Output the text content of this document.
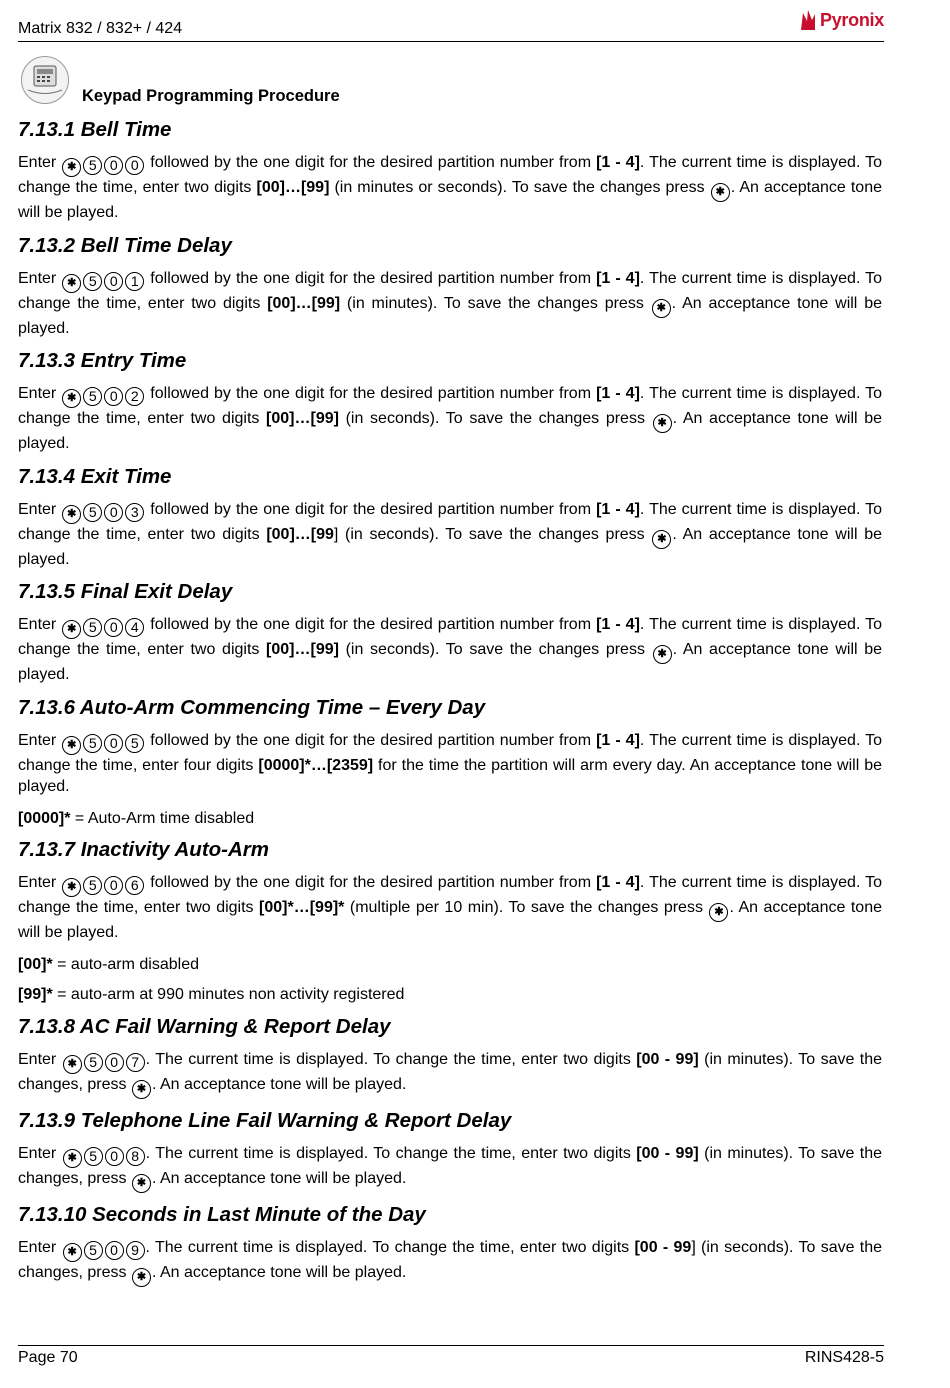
Matrix 832 / 832+ / 424	Pyronix
Keypad Programming Procedure
7.13.1 Bell Time

Enter ✱ 5 0 0 followed by the one digit for the desired partition number from [1 - 4]. The current time is displayed. To change the time, enter two digits [00]…[99] (in minutes or seconds). To save the changes press ✱ . An acceptance tone will be played.

7.13.2 Bell Time Delay

Enter ✱ 5 0 1 followed by the one digit for the desired partition number from [1 - 4]. The current time is displayed. To change the time, enter two digits [00]…[99] (in minutes). To save the changes press ✱ . An acceptance tone will be played.

7.13.3 Entry Time

Enter ✱ 5 0 2 followed by the one digit for the desired partition number from [1 - 4]. The current time is displayed. To change the time, enter two digits [00]…[99] (in seconds). To save the changes press ✱ . An acceptance tone will be played.

7.13.4 Exit Time

Enter ✱ 5 0 3 followed by the one digit for the desired partition number from [1 - 4]. The current time is displayed. To change the time, enter two digits [00]…[99] (in seconds). To save the changes press ✱ . An acceptance tone will be played.

7.13.5 Final Exit Delay

Enter ✱ 5 0 4 followed by the one digit for the desired partition number from [1 - 4]. The current time is displayed. To change the time, enter two digits [00]…[99] (in seconds). To save the changes press ✱ . An acceptance tone will be played.

7.13.6 Auto-Arm Commencing Time – Every Day

Enter ✱ 5 0 5 followed by the one digit for the desired partition number from [1 - 4]. The current time is displayed. To change the time, enter four digits [0000]*…[2359] for the time the partition will arm every day. An acceptance tone will be played.

[0000]* = Auto-Arm time disabled

7.13.7 Inactivity Auto-Arm

Enter ✱ 5 0 6 followed by the one digit for the desired partition number from [1 - 4]. The current time is displayed. To change the time, enter two digits [00]*…[99]* (multiple per 10 min). To save the changes press ✱ . An acceptance tone will be played.

[00]* = auto-arm disabled

[99]* = auto-arm at 990 minutes non activity registered

7.13.8 AC Fail Warning & Report Delay

Enter ✱ 5 0 7 . The current time is displayed. To change the time, enter two digits [00 - 99] (in minutes). To save the changes, press ✱ . An acceptance tone will be played.

7.13.9 Telephone Line Fail Warning & Report Delay

Enter ✱ 5 0 8 . The current time is displayed. To change the time, enter two digits [00 - 99] (in minutes). To save the changes, press ✱ . An acceptance tone will be played.

7.13.10 Seconds in Last Minute of the Day

Enter ✱ 5 0 9 . The current time is displayed. To change the time, enter two digits [00 - 99] (in seconds). To save the changes, press ✱ . An acceptance tone will be played.

Page 70	RINS428-5
